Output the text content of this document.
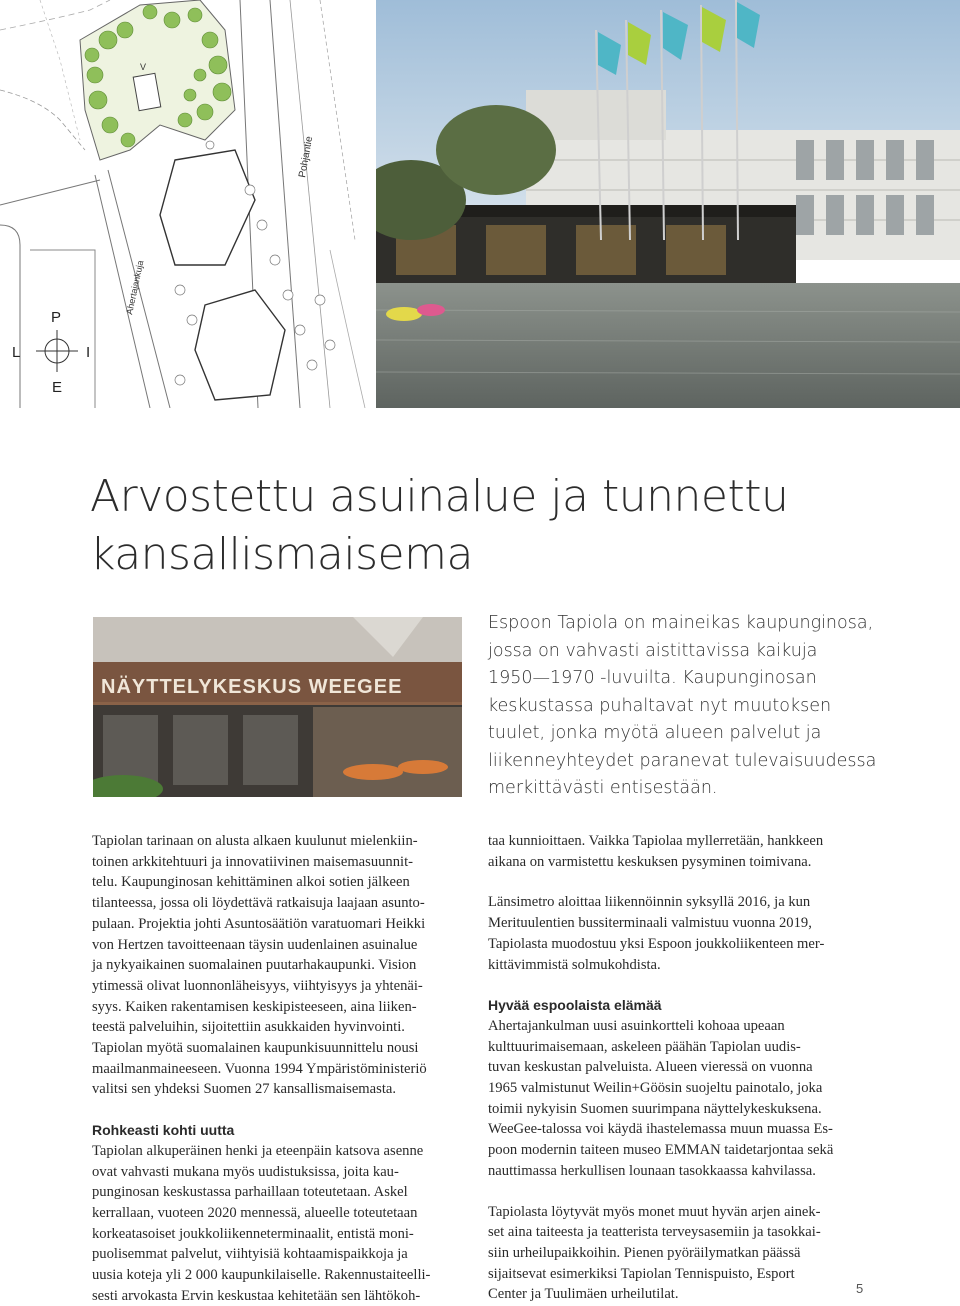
V
Pohjantie
Ahertajankuja
P
L	I
E
Arvostettu asuinalue ja tunnettu
kansallismaisema
NÄYTTELYKESKUS WEEGEE
Espoon Tapiola on maineikas kaupunginosa,
jossa on vahvasti aistittavissa kaikuja
1950—1970 -luvuilta. Kaupunginosan
keskustassa puhaltavat nyt muutoksen
tuulet, jonka myötä alueen palvelut ja
liikenneyhteydet paranevat tulevaisuudessa
merkittävästi entisestään.
Tapiolan tarinaan on alusta alkaen kuulunut mielenkiin-
toinen arkkitehtuuri ja innovatiivinen maisemasuunnit-
telu. Kaupunginosan kehittäminen alkoi sotien jälkeen
tilanteessa, jossa oli löydettävä ratkaisuja laajaan asunto-
pulaan. Projektia johti Asuntosäätiön varatuomari Heikki
von Hertzen tavoitteenaan täysin uudenlainen asuinalue
ja nykyaikainen suomalainen puutarhakaupunki. Vision
ytimessä olivat luonnonläheisyys, viihtyisyys ja yhtenäi-
syys. Kaiken rakentamisen keskipisteeseen, aina liiken-
teestä palveluihin, sijoitettiin asukkaiden hyvinvointi.
Tapiolan myötä suomalainen kaupunkisuunnittelu nousi
maailmanmaineeseen. Vuonna 1994 Ympäristöministeriö
valitsi sen yhdeksi Suomen 27 kansallismaisemasta.
Rohkeasti kohti uutta
Tapiolan alkuperäinen henki ja eteenpäin katsova asenne
ovat vahvasti mukana myös uudistuksissa, joita kau-
punginosan keskustassa parhaillaan toteutetaan. Askel
kerrallaan, vuoteen 2020 mennessä, alueelle toteutetaan
korkeatasoiset joukkoliikenneterminaalit, entistä moni-
puolisemmat palvelut, viihtyisiä kohtaamispaikkoja ja
uusia koteja yli 2 000 kaupunkilaiselle. Rakennustaiteelli-
sesti arvokasta Ervin keskustaa kehitetään sen lähtökoh-
taa kunnioittaen. Vaikka Tapiolaa myllerretään, hankkeen
aikana on varmistettu keskuksen pysyminen toimivana.
Länsimetro aloittaa liikennöinnin syksyllä 2016, ja kun
Merituulentien bussiterminaali valmistuu vuonna 2019,
Tapiolasta muodostuu yksi Espoon joukkoliikenteen mer-
kittävimmistä solmukohdista.
Hyvää espoolaista elämää
Ahertajankulman uusi asuinkortteli kohoaa upeaan
kulttuurimaisemaan, askeleen päähän Tapiolan uudis-
tuvan keskustan palveluista. Alueen vieressä on vuonna
1965 valmistunut Weilin+Göösin suojeltu painotalo, joka
toimii nykyisin Suomen suurimpana näyttelykeskuksena.
WeeGee-talossa voi käydä ihastelemassa muun muassa Es-
poon modernin taiteen museo EMMAN taidetarjontaa sekä
nauttimassa herkullisen lounaan tasokkaassa kahvilassa.
Tapiolasta löytyvät myös monet muut hyvän arjen ainek-
set aina taiteesta ja teatterista terveysasemiin ja tasokkai-
siin urheilupaikkoihin. Pienen pyöräilymatkan päässä
sijaitsevat esimerkiksi Tapiolan Tennispuisto, Esport
Center ja Tuulimäen urheilutilat.	5
